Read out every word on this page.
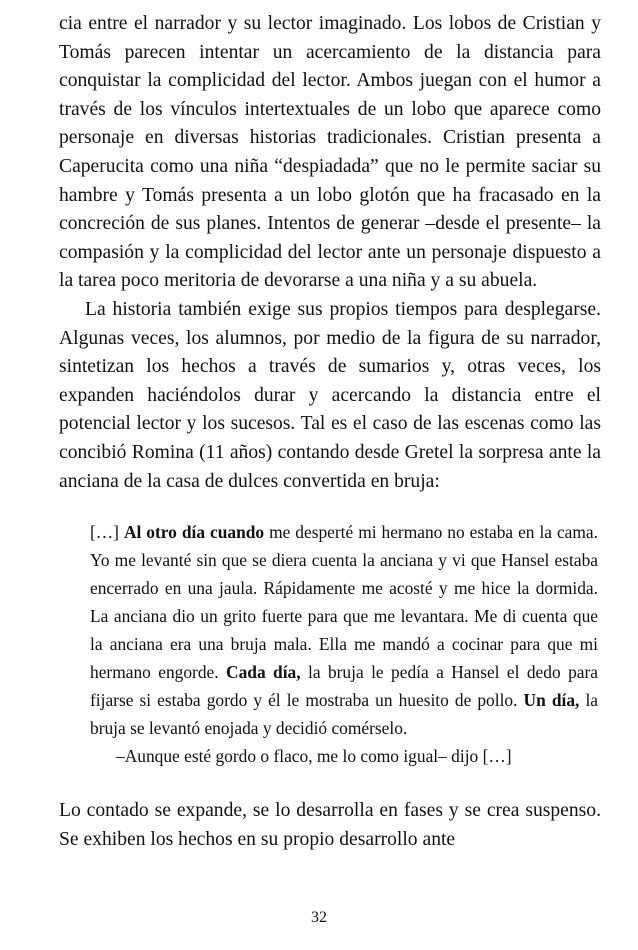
cia entre el narrador y su lector imaginado. Los lobos de Cristian y Tomás parecen intentar un acercamiento de la distancia para conquistar la complicidad del lector. Ambos juegan con el humor a través de los vínculos intertextuales de un lobo que aparece como personaje en diversas historias tradicionales. Cristian presenta a Caperucita como una niña “despiadada” que no le permite saciar su hambre y Tomás presenta a un lobo glotón que ha fracasado en la concreción de sus planes. Intentos de generar –desde el presente– la compasión y la complicidad del lector ante un personaje dispuesto a la tarea poco meritoria de devorarse a una niña y a su abuela.

La historia también exige sus propios tiempos para desplegarse. Algunas veces, los alumnos, por medio de la figura de su narrador, sintetizan los hechos a través de sumarios y, otras veces, los expanden haciéndolos durar y acercando la distancia entre el potencial lector y los sucesos. Tal es el caso de las escenas como las concibió Romina (11 años) contando desde Gretel la sorpresa ante la anciana de la casa de dulces convertida en bruja:

[…] Al otro día cuando me desperté mi hermano no estaba en la cama. Yo me levanté sin que se diera cuenta la anciana y vi que Hansel estaba encerrado en una jaula. Rápidamente me acosté y me hice la dormida. La anciana dio un grito fuerte para que me levantara. Me di cuenta que la anciana era una bruja mala. Ella me mandó a cocinar para que mi hermano engorde. Cada día, la bruja le pedía a Hansel el dedo para fijarse si estaba gordo y él le mostraba un huesito de pollo. Un día, la bruja se levantó enojada y decidió comérselo.

–Aunque esté gordo o flaco, me lo como igual– dijo […]

Lo contado se expande, se lo desarrolla en fases y se crea suspenso. Se exhiben los hechos en su propio desarrollo ante

32
